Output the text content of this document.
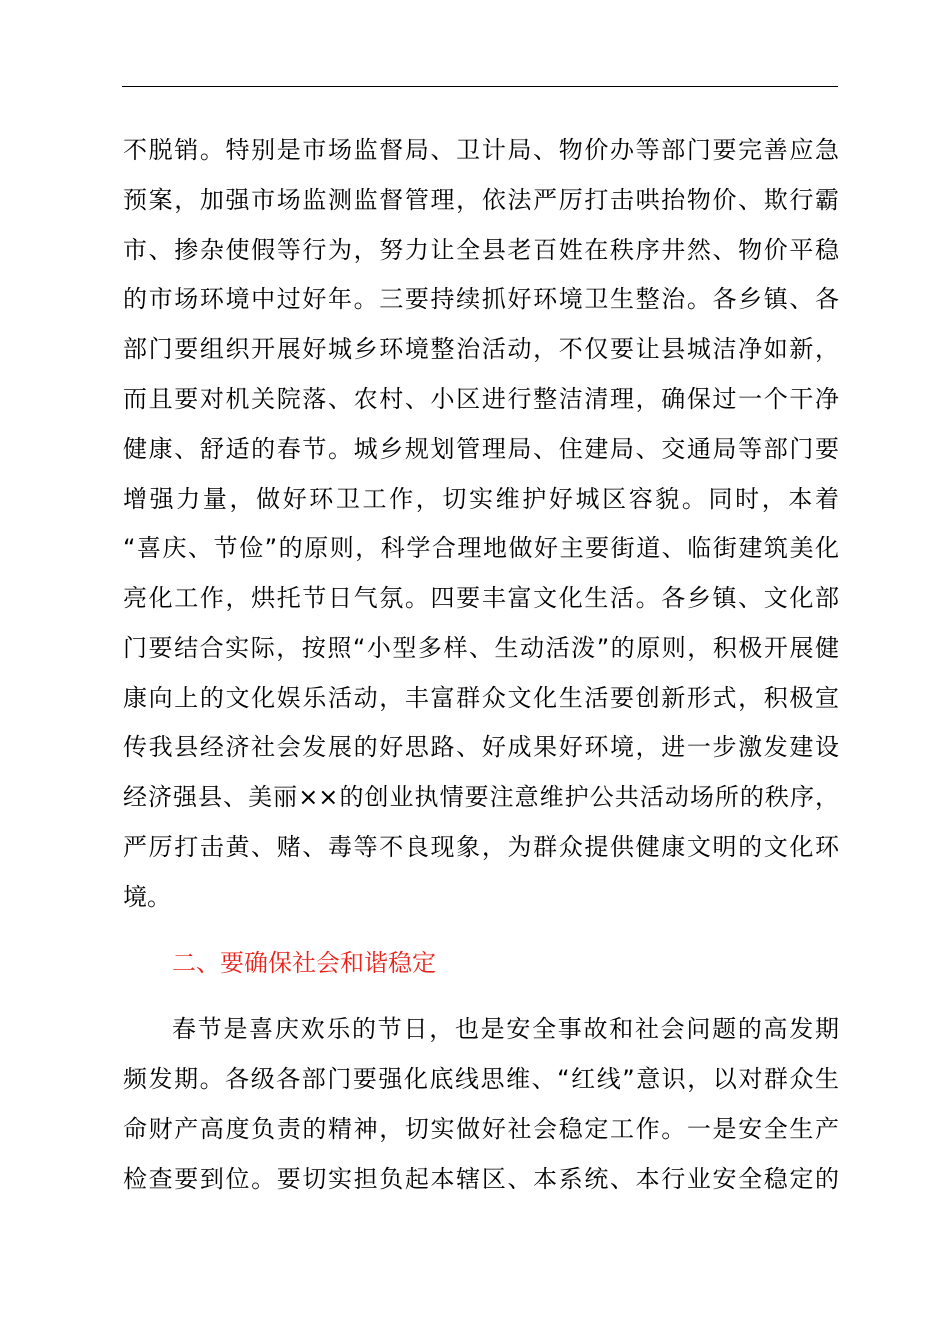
不脱销。特别是市场监督局、卫计局、物价办等部门要完善应急
预案，加强市场监测监督管理，依法严厉打击哄抬物价、欺行霸
市、掺杂使假等行为，努力让全县老百姓在秩序井然、物价平稳
的市场环境中过好年。三要持续抓好环境卫生整治。各乡镇、各
部门要组织开展好城乡环境整治活动，不仅要让县城洁净如新，
而且要对机关院落、农村、小区进行整洁清理，确保过一个干净
健康、舒适的春节。城乡规划管理局、住建局、交通局等部门要
增强力量，做好环卫工作，切实维护好城区容貌。同时，本着
“喜庆、节俭”的原则，科学合理地做好主要街道、临街建筑美化
亮化工作，烘托节日气氛。四要丰富文化生活。各乡镇、文化部
门要结合实际，按照“小型多样、生动活泼”的原则，积极开展健
康向上的文化娱乐活动，丰富群众文化生活要创新形式，积极宣
传我县经济社会发展的好思路、好成果好环境，进一步激发建设
经济强县、美丽××的创业执情要注意维护公共活动场所的秩序，
严厉打击黄、赌、毒等不良现象，为群众提供健康文明的文化环
境。
二、要确保社会和谐稳定
春节是喜庆欢乐的节日，也是安全事故和社会问题的高发期
频发期。各级各部门要强化底线思维、“红线”意识，以对群众生
命财产高度负责的精神，切实做好社会稳定工作。一是安全生产
检查要到位。要切实担负起本辖区、本系统、本行业安全稳定的
